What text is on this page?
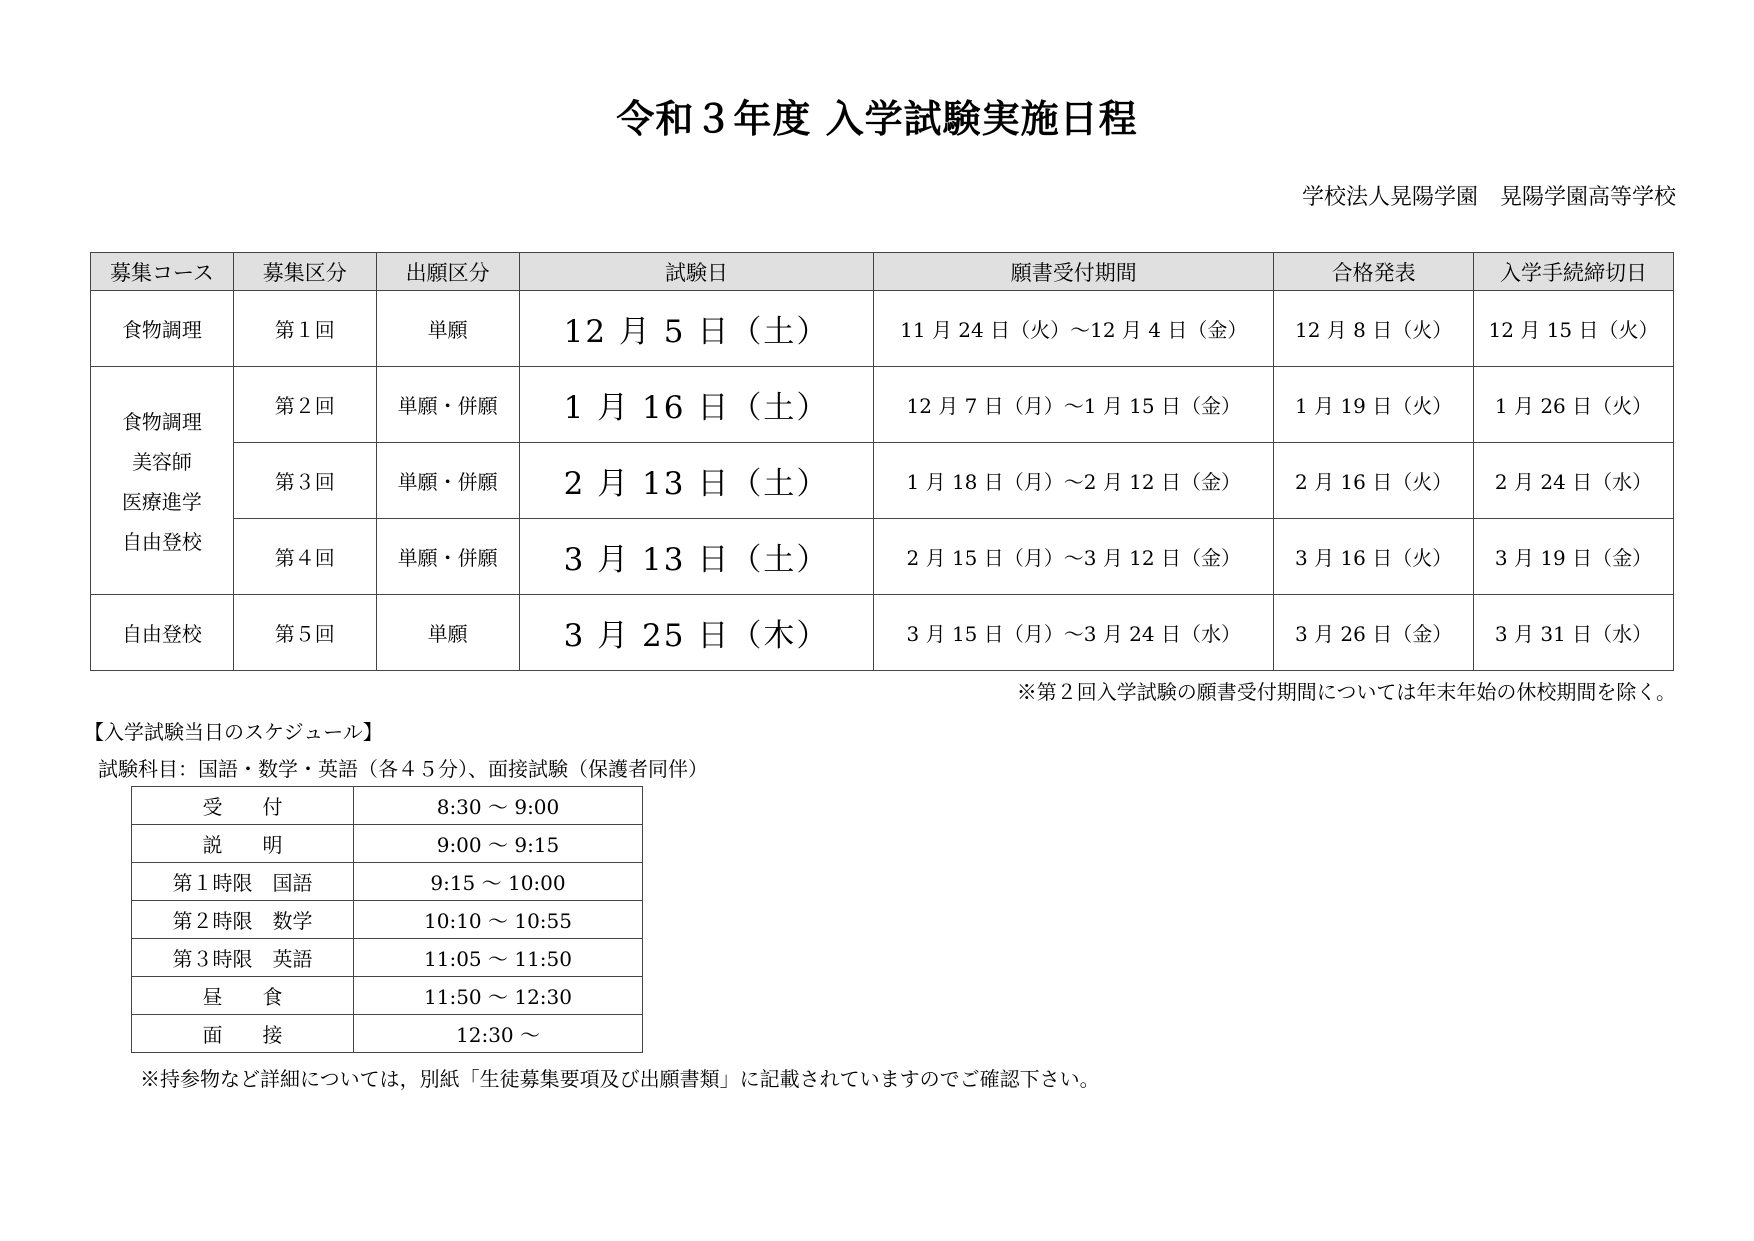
令和３年度 入学試験実施日程
学校法人晃陽学園　晃陽学園高等学校
募集コース	募集区分	出願区分	試験日	願書受付期間	合格発表	入学手続締切日
食物調理	第１回	単願	12 月 5 日（土）	11 月 24 日（火）～12 月 4 日（金）	12 月 8 日（火）	12 月 15 日（火）

食物調理
美容師
医療進学
自由登校	第２回	単願・併願	1 月 16 日（土）	12 月 7 日（月）～1 月 15 日（金）	1 月 19 日（火）	1 月 26 日（火）
	第３回	単願・併願	2 月 13 日（土）	1 月 18 日（月）～2 月 12 日（金）	2 月 16 日（火）	2 月 24 日（水）
	第４回	単願・併願	3 月 13 日（土）	2 月 15 日（月）～3 月 12 日（金）	3 月 16 日（火）	3 月 19 日（金）
自由登校	第５回	単願	3 月 25 日（木）	3 月 15 日（月）～3 月 24 日（水）	3 月 26 日（金）	3 月 31 日（水）
※第２回入学試験の願書受付期間については年末年始の休校期間を除く。
【入学試験当日のスケジュール】
試験科目：国語・数学・英語（各４５分）、面接試験（保護者同伴）
受　　付	8:30 ～ 9:00
説　　明	9:00 ～ 9:15
第１時限　国語	9:15 ～ 10:00
第２時限　数学	10:10 ～ 10:55
第３時限　英語	11:05 ～ 11:50
昼　　食	11:50 ～ 12:30
面　　接	12:30 ～
※持参物など詳細については，別紙「生徒募集要項及び出願書類」に記載されていますのでご確認下さい。
